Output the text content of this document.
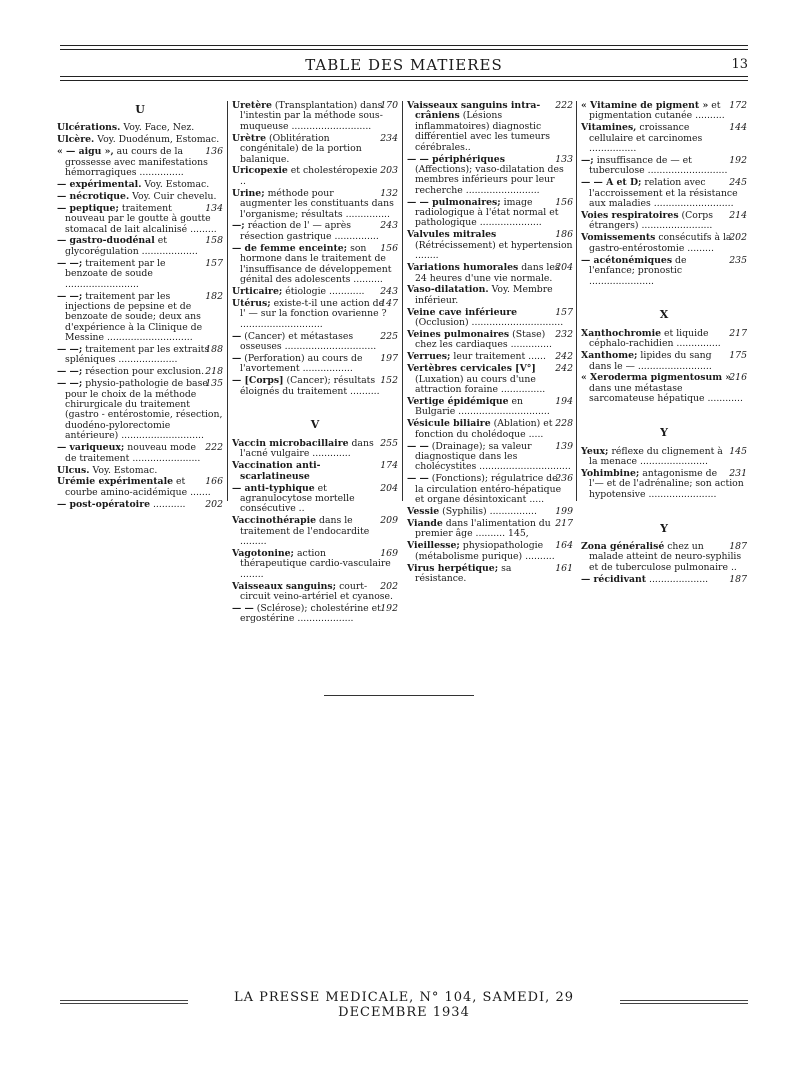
TABLE DES MATIERES	13
U
Ulcérations. Voy. Face, Nez.
Ulcère. Voy. Duodénum, Estomac.
136
« — aigu », au cours de la grossesse avec manifestations hémorragiques ...............
— expérimental. Voy. Estomac.
— nécrotique. Voy. Cuir chevelu.
134
— peptique; traitement nouveau par le goutte à goutte stomacal de lait alcalinisé .........
158
— gastro-duodénal et glycorégulation ...................
157
— —; traitement par le benzoate de soude .........................
182
— —; traitement par les injections de pepsine et de benzoate de soude; deux ans d'expérience à la Clinique de Messine .............................
188
— —; traitement par les extraits spléniques ....................
218
— —; résection pour exclusion.
135
— —; physio-pathologie de base pour le choix de la méthode chirurgicale du traitement (gastro - entérostomie, résection, duodéno-pylorectomie antérieure) ............................
222
— variqueux; nouveau mode de traitement .......................
Ulcus. Voy. Estomac.
166
Urémie expérimentale et courbe amino-acidémique .......
202
— post-opératoire ...........
170
Uretère (Transplantation) dans l'intestin par la méthode sous-muqueuse ...........................
234
Urètre (Oblitération congénitale) de la portion balanique.
203
Uricopexie et cholestéropexie ..
132
Urine; méthode pour augmenter les constituants dans l'organisme; résultats ...............
243
—; réaction de l' — après résection gastrique ...............
156
— de femme enceinte; son hormone dans le traitement de l'insuffisance de développement génital des adolescents ..........
243
Urticaire; étiologie ............
147
Utérus; existe-t-il une action de l' — sur la fonction ovarienne ? ............................
225
— (Cancer) et métastases osseuses ...............................
197
— (Perforation) au cours de l'avortement .................
152
— [Corps] (Cancer); résultats éloignés du traitement ..........
V
255
Vaccin microbacillaire dans l'acné vulgaire .............
174
Vaccination anti-scarlatineuse
204
— anti-typhique et agranulocytose mortelle consécutive ..
209
Vaccinothérapie dans le traitement de l'endocardite .........
169
Vagotonine; action thérapeutique cardio-vasculaire ........
202
Vaisseaux sanguins; court-circuit veino-artériel et cyanose.
192
— — (Sclérose); cholestérine et ergostérine ...................
222
Vaisseaux sanguins intra-crâniens (Lésions inflammatoires) diagnostic différentiel avec les tumeurs cérébrales..
133
— — périphériques (Affections); vaso-dilatation des membres inférieurs pour leur recherche .........................
156
— — pulmonaires; image radiologique à l'état normal et pathologique .....................
186
Valvules mitrales (Rétrécissement) et hypertension ........
204
Variations humorales dans les 24 heures d'une vie normale.
Vaso-dilatation. Voy. Membre inférieur.
157
Veine cave inférieure (Occlusion) ...............................
232
Veines pulmonaires (Stase) chez les cardiaques ..............
242
Verrues; leur traitement ......
242
Vertèbres cervicales [V°] (Luxation) au cours d'une attraction foraine ...............
194
Vertige épidémique en Bulgarie ...............................
228
Vésicule biliaire (Ablation) et fonction du cholédoque .....
139
— — (Drainage); sa valeur diagnostique dans les cholécystites ...............................
236
— — (Fonctions); régulatrice de la circulation entéro-hépatique et organe désintoxicant .....
199
Vessie (Syphilis) ................
217
Viande dans l'alimentation du premier âge .......... 145,
164
Vieillesse; physiopathologie (métabolisme purique) ..........
161
Virus herpétique; sa résistance.
172
« Vitamine de pigment » et pigmentation cutanée ..........
144
Vitamines, croissance cellulaire et carcinomes ................
192
—; insuffisance de — et tuberculose ...........................
245
— — A et D; relation avec l'accroissement et la résistance aux maladies ...........................
214
Voies respiratoires (Corps étrangers) ........................
202
Vomissements consécutifs à la gastro-entérostomie .........
235
— acétonémiques de l'enfance; pronostic ......................
X
217
Xanthochromie et liquide céphalo-rachidien ...............
175
Xanthome; lipides du sang dans le — .........................
216
« Xeroderma pigmentosum » dans une métastase sarcomateuse hépatique ............
Y
145
Yeux; réflexe du clignement à la menace .......................
231
Yohimbine; antagonisme de l'— et de l'adrénaline; son action hypotensive .......................
Y
187
Zona généralisé chez un malade atteint de neuro-syphilis et de tuberculose pulmonaire ..
187
— récidivant ....................
LA PRESSE MEDICALE, N° 104, SAMEDI, 29 DECEMBRE 1934
